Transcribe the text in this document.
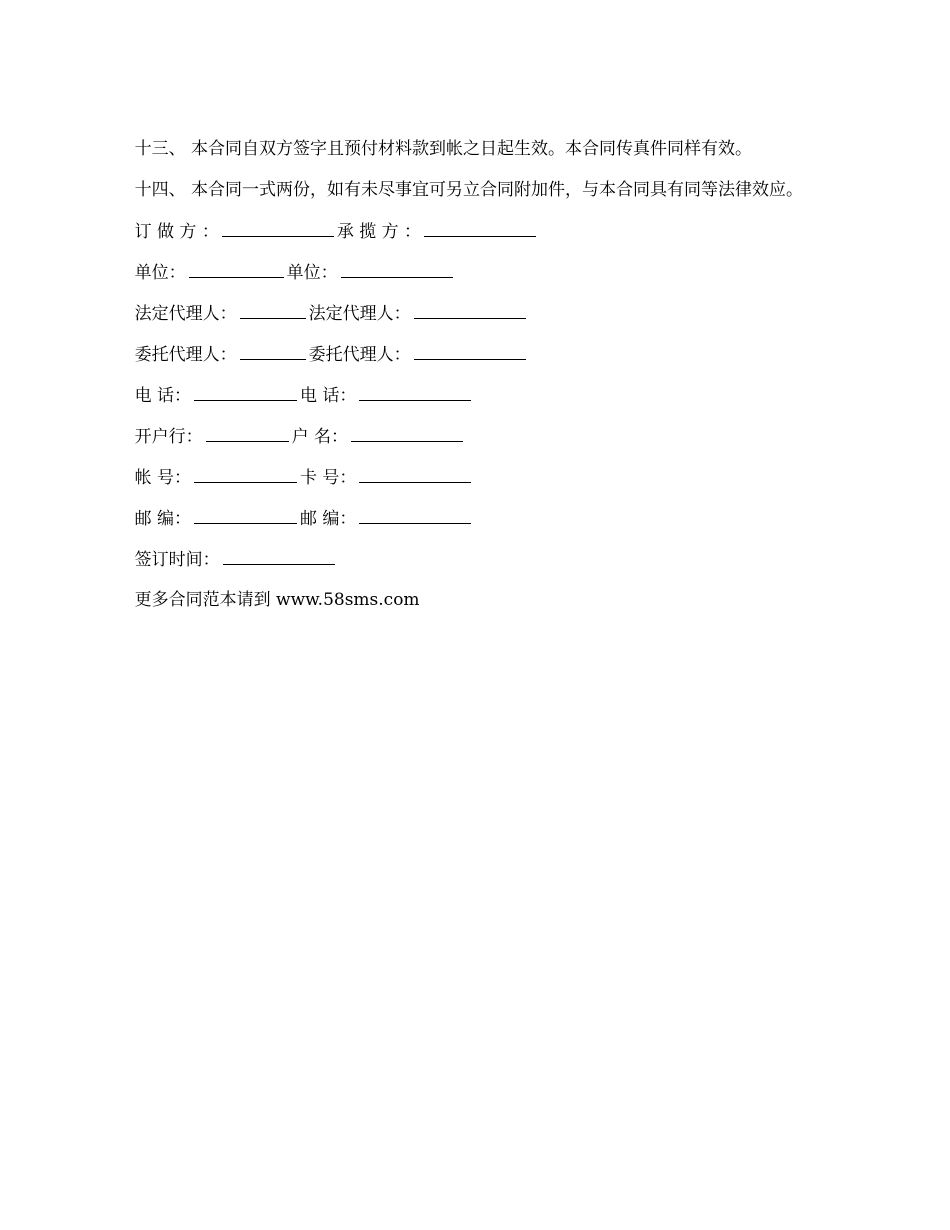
十三、 本合同自双方签字且预付材料款到帐之日起生效。本合同传真件同样有效。

十四、 本合同一式两份，如有未尽事宜可另立合同附加件，与本合同具有同等法律效应。

订 做 方 ：	承 揽 方 ：

单位：	单位：

法定代理人：	法定代理人：

委托代理人：	委托代理人：

电 话：	电 话：

开户行：	户 名：

帐 号：	卡 号：

邮 编：	邮 编：

签订时间：

更多合同范本请到 www.58sms.com
